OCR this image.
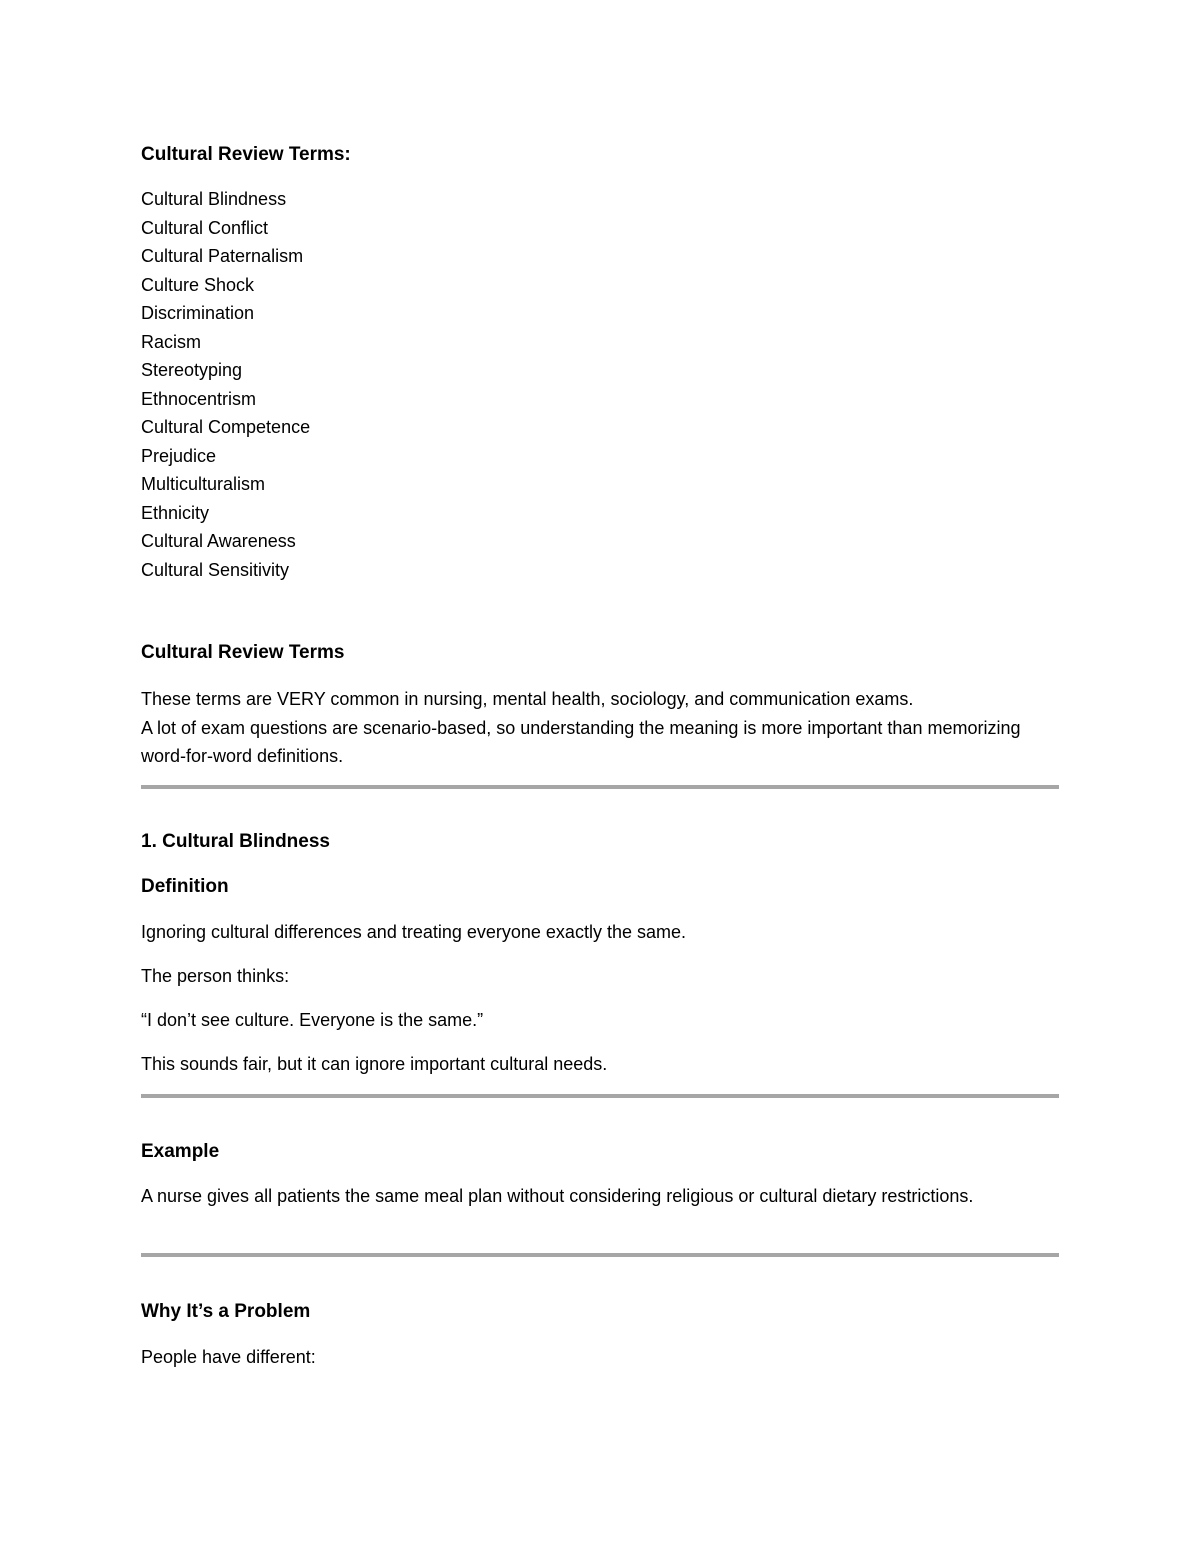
Cultural Review Terms:
Cultural Blindness
Cultural Conflict
Cultural Paternalism
Culture Shock
Discrimination
Racism
Stereotyping
Ethnocentrism
Cultural Competence
Prejudice
Multiculturalism
Ethnicity
Cultural Awareness
Cultural Sensitivity
Cultural Review Terms

These terms are VERY common in nursing, mental health, sociology, and communication exams.

A lot of exam questions are scenario-based, so understanding the meaning is more important than memorizing word-for-word definitions.

1. Cultural Blindness
Definition

Ignoring cultural differences and treating everyone exactly the same.

The person thinks:

“I don’t see culture. Everyone is the same.”

This sounds fair, but it can ignore important cultural needs.

Example

A nurse gives all patients the same meal plan without considering religious or cultural dietary restrictions.

Why It’s a Problem

People have different:
